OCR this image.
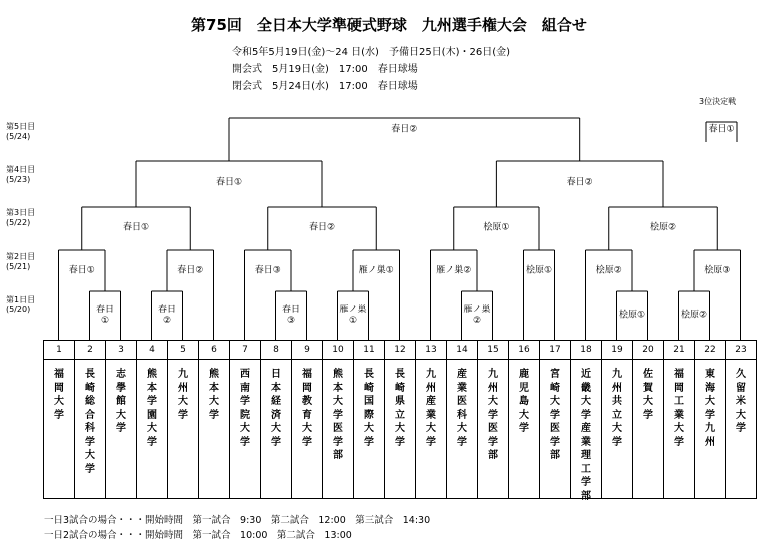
第75回　全日本大学準硬式野球　九州選手権大会　組合せ
令和5年5月19日(金)～24 日(水)　予備日25日(木)・26日(金)
開会式　5月19日(金)　17:00　春日球場
閉会式　5月24日(水)　17:00　春日球場
第5日目
(5/24)
第4日目
(5/23)
第3日目
(5/22)
第2日目
(5/21)
第1日目
(5/20)
3位決定戦
1
福岡大学
2
長崎総合科学大学
3
志學館大学
4
熊本学園大学
5
九州大学
6
熊本大学
7
西南学院大学
8
日本経済大学
9
福岡教育大学
10
熊本大学医学部
11
長崎国際大学
12
長崎県立大学
13
九州産業大学
14
産業医科大学
15
九州大学医学部
16
鹿児島大学
17
宮崎大学医学部
18
近畿大学産業理工学部
19
九州共立大学
20
佐賀大学
21
福岡工業大学
22
東海大学九州
23
久留米大学
春日
①
春日
②
春日
③
雁ノ巣
①
雁ノ巣
②
桧原①	桧原②
春日①	春日②	春日③	雁ノ巣①	雁ノ巣②	桧原①	桧原②	桧原③
春日①	春日②	桧原①	桧原②
春日①	春日②
春日②	春日①
一日3試合の場合・・・開始時間　第一試合　9:30　第二試合　12:00　第三試合　14:30
一日2試合の場合・・・開始時間　第一試合　10:00　第二試合　13:00
